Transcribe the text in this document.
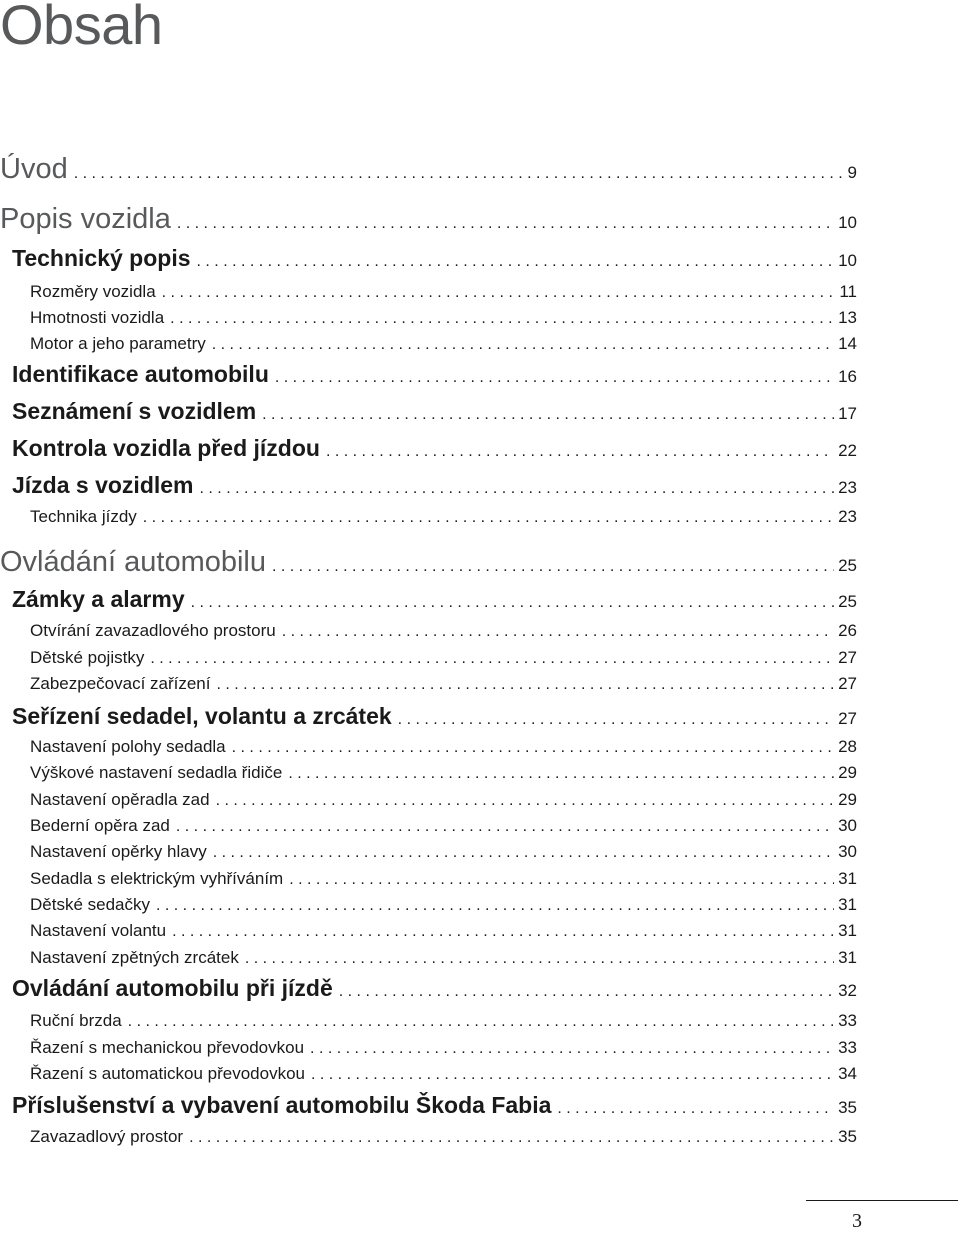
Obsah
Úvod . . .	9
Popis vozidla . . .	10
Technický popis . . .	10
Rozměry vozidla . . .	11
Hmotnosti vozidla . . .	13
Motor a jeho parametry . . .	14
Identifikace automobilu . . .	16
Seznámení s vozidlem . . .	17
Kontrola vozidla před jízdou . . .	22
Jízda s vozidlem . . .	23
Technika jízdy . . .	23
Ovládání automobilu . . .	25
Zámky a alarmy . . .	25
Otvírání zavazadlového prostoru . . .	26
Dětské pojistky . . .	27
Zabezpečovací zařízení . . .	27
Seřízení sedadel, volantu a zrcátek . . .	27
Nastavení polohy sedadla . . .	28
Výškové nastavení sedadla řidiče . . .	29
Nastavení opěradla zad . . .	29
Bederní opěra zad . . .	30
Nastavení opěrky hlavy . . .	30
Sedadla s elektrickým vyhříváním . . .	31
Dětské sedačky . . .	31
Nastavení volantu . . .	31
Nastavení zpětných zrcátek . . .	31
Ovládání automobilu při jízdě . . .	32
Ruční brzda . . .	33
Řazení s mechanickou převodovkou . . .	33
Řazení s automatickou převodovkou . . .	34
Příslušenství a vybavení automobilu Škoda Fabia . . .	35
Zavazadlový prostor . . .	35
3
